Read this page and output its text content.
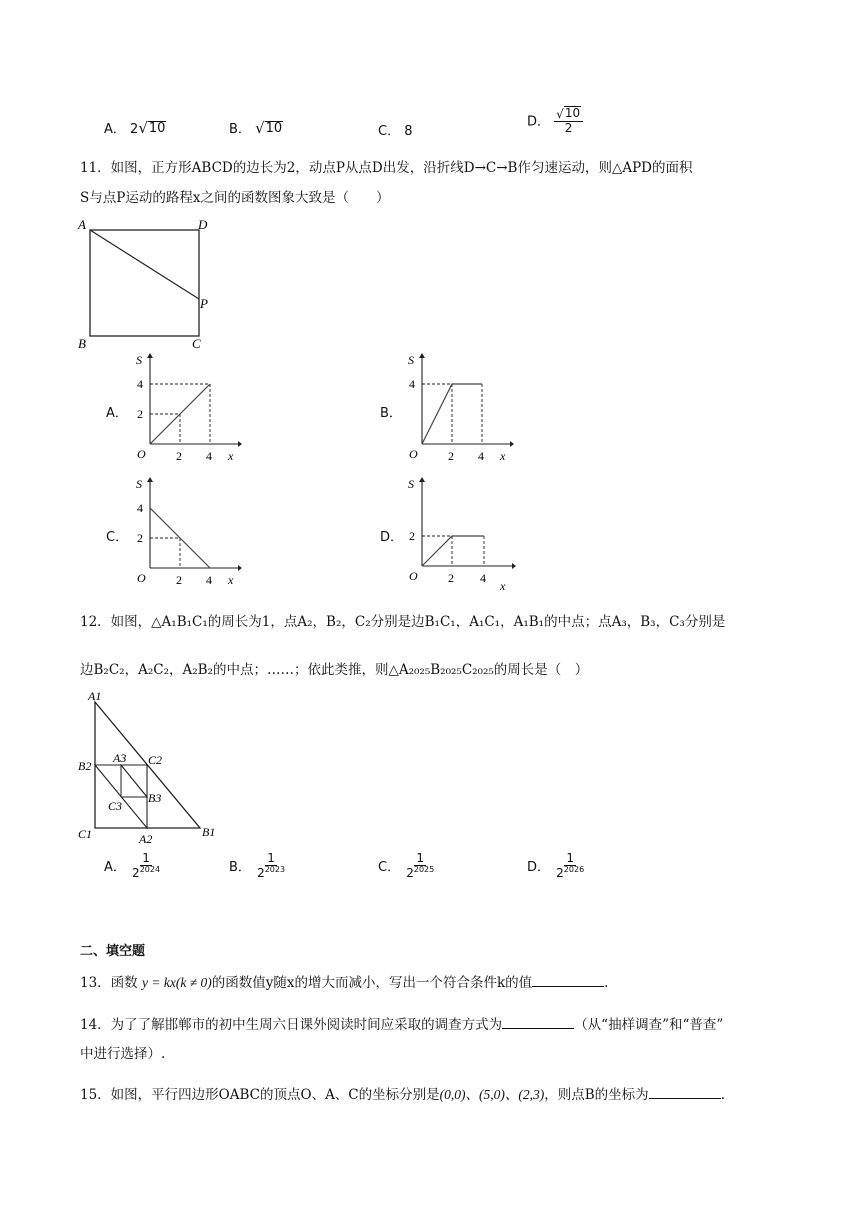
A． 2 √ 10	B． √ 10	C． 8
D． $\frac{√ 10}{2}$
11．如图，正方形ABCD的边长为2，动点P从点D出发，沿折线D→C→B作匀速运动，则△APD的面积
S与点P运动的路程x之间的函数图象大致是（　　）
A	D
B	C
P
A．	B．
C．	D．
S
4
2
O	2 4 x
S
4
O	2 4 x
S
4
2
O	2 4 x
S
2
O	2 4
x
12．如图，△A₁B₁C₁的周长为1，点A₂，B₂，C₂分别是边B₁C₁，A₁C₁，A₁B₁的中点；点A₃，B₃，C₃分别是
边B₂C₂，A₂C₂，A₂B₂的中点；……；依此类推，则△A₂₀₂₅B₂₀₂₅C₂₀₂₅的周长是（　）
A1
B2
A3 C2
B3
C3
C1	A2	B1
A． $\frac{1}{2^{2024}}$	B． $\frac{1}{2^{2023}}$	C． $\frac{1}{2^{2025}}$	D． $\frac{1}{2^{2026}}$
二、填空题
13．函数 y = kx(k ≠ 0)的函数值y随x的增大而减小，写出一个符合条件k的值	.
14．为了了解邯郸市的初中生周六日课外阅读时间应采取的调查方式为	（从“抽样调查”和“普查”
中进行选择）.
15．如图，平行四边形OABC的顶点O、A、C的坐标分别是(0,0)、(5,0)、(2,3)，则点B的坐标为	.
